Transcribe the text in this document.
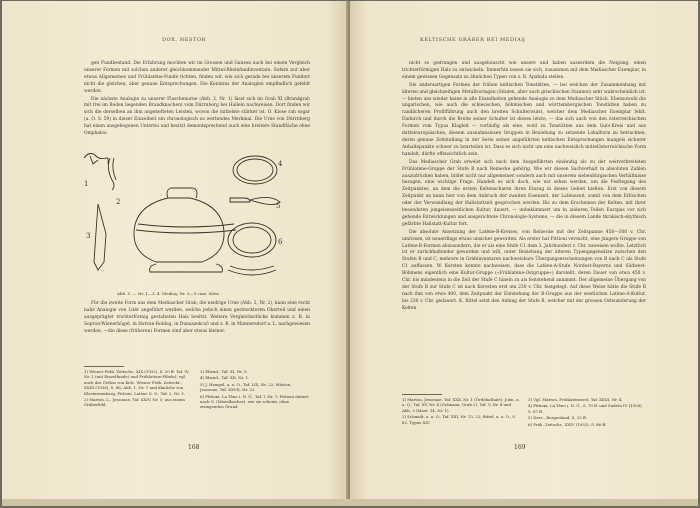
DOX. NESTOR

gen Fundbestand. Die Erfahrung mochten wir im Grossen und Ganzen auch bei einem Vergleich unserer Formen mit solchen anderer gleichkommender Mittel-Rheinfundinventare. Sofern nur aber etwas Allgemeines und Frühlatène-Funde richten, finden wir, wie sich gerade bei unserem Fundort nicht die gleichen, aber genaue Entsprechungen. Die Kenntnis der Analogien empfindlich gefehlt werden.

Die nächste Analogie zu unserer Flaschenurne (Abb. 2, Nr. 1) lässt sich im Grab XI (Brandgrab mit frei im Boden liegenden Brandknochen) vom Dürrnberg bei Hallein nachweisen. Dort finden wir sich die derselben an ihm angehefteten Leisten, wovon die mittelste stärker ist. O. Klose rah sogar (a. O. S. 59) in dieser Einzelheit ein chronologisch zu wertendes Merkmal. Die Urne von Dürrnberg hat einen ausgebogenen Untertei und besitzt dementsprechend auch eine breitere Standfläche ohne Omphalos.

1
2
3
4
5
6
Abb. 5. — Nr. 1—3, 4. Mediaş; Nr. 5—5 cum. Silex.

Für die zweite Form aus dem Mediascher Grab, die niedrige Urne (Abb. 2, Nr. 2), kann eine recht nahe Analogie von Litér angeführt werden, welche jedoch einen gestreckteren Oberteil und einen ausgeprägter trichterförmig gestalteten Hals besitzt. Weitere Vergleichsstücke kommen z. B. in Sopron-Wienerhügel, in Hatvan-Boldog, in Dunaszekcső und z. B. in Mannersdorf a. L. nachgewiesen werden, —die diese (früheren) Formen sind aber etwas kleiner.

1) Wiener Präh. Zeitschr., XIX (1932), S. 20 ff. Taf. IV, Nr. 1 (mit Einzelfunde) und Frühlatène-Fibeln); vgl. auch das Gefäss von Kelc. Wiener Präh. Zeitschr., XXIII (1936), S. 88, Abb. 1, Nr. 1 und ähnliche von Klosterneuburg, Pittioni, Latène S. O., Taf. 2, Nr. 5.
2) Marton, L., Jessonae, Taf. XXIV, Nr. 5; aus einem Gräberfeld.
3) Ebend., Taf. XI, Nr. 5.
4) Ebend., Taf. XII, Nr. 1.
5) J. Hampel, a. a. O., Taf. LIX, Nr. 22; Márton, Jessonae, Taf. XXVII, Nr. 22.
6) Pittioni, La Tène i. N. Ö., Taf. I, Nr. 7; Pittioni datiert nach G. (Mistelbacher). wie sie scheint, ohne zwingenden Grund.
168
KELTISCHE GRÄBER BEI MEDIAŞ

nicht so gedrungen und ausgebauscht wie unsere und haben ausserdem die Neigung, einen trichterförmigen Hals zu entwickeln. Immerhin lassen sie sich, zusammen mit dem Mediascher Exemplar, in einem gewissen Gegensatz zu ähnlichen Typen von z. B. Apahida stellen.

Die andersartigen Formen der frühen keltischen Tonstätten, — bei welchen der Zusammenhang mit älteren und gleichzeitigen Metallvorlagen (Situlen, aber auch griechischen Stamnoi) sehr wahrscheinlich ist, — bieten uns wieder keine in alle Einzelheiten gehende Analogie zu dem Mediascher Stück. Ebensowohl die ungarischen, wie auch die schlesischen, böhmischen und württembergischen Tonstätten haben zu randlicheren Profilführung auch den breiten Schulterwulst, welcher dem Mediascher Exemplar fehlt. Dadurch und durch die Breite seiner Schulter ist dieses letzte, — das sich auch von den österreichischen Formen vom Typus Klagleit — vorläufig als eine, wohl zu Tonstätten aus dem Guts-Kreis und aus mitteleuropäischen, diesem ausnahmslosen Gruppen in Beziehung zu setzende Lokalform zu betrachten, deren genaue Zeitstellung in der Serie seiner angeführten keltischen Entsprechungen mangels sicherer Anhaltspunkte schwer zu beurteilen ist. Dass es sich nicht um eine nachweislich mittelösterreichische Form handelt, dürfte offensichtlich sein.

Das Mediascher Grab erweist sich nach dem Ausgeführten eindeutig als zu der weitverbreiteten Frühlatène-Gruppe der Stufe B nach Reinecke gehörig. Wie wir diesen Sachverhalt in absoluten Zahlen auszudrücken haben, bildet nicht nur allgemeiner, sondern auch mit unserem siebenbürgischen Verhältnisse bezogen, eine wichtige Frage. Handelt es sich doch, wie wir sehen werden, um die Festlegung des Zeitpunktes, an dem die ersten Keltenscharen ihren Einzug in dieses Gebiet hielten. Erst von diesem Zeitpunkt an kann hier von dem Anbruch der zweiten Eisenzeit, der Latènezeit, somit von dem Erlöschen oder der Verwandlung der Hallstattzeit gesprochen werden. Bis zu dem Erscheinen der Kelten, mit ihrer besonderen jungeisenzeitlichen Kultur, dauert, — unbekümmert um in anderen Teilen Europas vor sich gehende Entwicklungen und ausgerichtete Chronologie-Systeme, — die in diesem Lande thrakisch-skythisch gefärbte Hallstatt-Kultur fort.

Die absolute Ansetzung der Latène-B-Kreises, von Reinecke mit der Zeitspanne 450—300 v. Chr. umrissen, ist neuerdings etwas unsicher geworden. Als erster hat Pittioni versucht, eine jüngere Gruppe von Latène-B-Formen abzusondern, die er als eine Stufe C1 dem 3. Jahrhundert v. Chr. zuweisen wollte. Letztlich ist er zurückhaltender geworden und will, unter Beziehung der älteren Typengegensätze zwischen den Stufen B und C, mehrere in Grabinventaren nachweisbare Übergangserscheinungen von B nach C als Stufe C1 auffassen. W. Kersten konnte nachweisen, dass die Latène-A-Stufe Nordost-Bayerns und Südwest-Böhmens eigentlich eine Kultur-Gruppe (»Frühlatène-Ostgruppe«) darstellt, deren Dauer von etwa 450 v. Chr. bis mindestens in die Zeit der Stufe C hinein zu als feststehend annimmt. Der allgemeine Übergang von der Stufe B zur Stufe C ist nach Keresten erst um 230 v. Chr. festgelegt. Auf diese Weise hätte die Stufe B nach ihm von etwa 400, dem Zeitpunkt der Entstehung der B-Gruppe aus der westlichen Latène-A-Kultur, bis 230 v. Chr. gedauert. K. Bittel setzt den Anfang der Stufe B, welcher mit der grossen Ostwanderung der Kelten

1) Marton, Jessonae, Taf. XXX, Nr. 1 (Ördöballsárt); John, a. a. O., Taf. XV, Nr. 4 (Gohnaun, Grab 2), Taf. V, Nr. 4 und Abb. 3 (Mast. 14, Nr. 1).
2) Schmidt, a. a. O., Taf. XIII, Nr. 13, 22; Bittel, a. a. O., S. 82, Typus XIV.
3) Vgl. Márton, Frühlatènezeit, Taf. XXIII, Nr. 4.
4) Pittioni, La Tène i. N. Ö., S. 70 ff. und Sudeta IV (1928), S. 87 ff.
5) Ders., Burgenland, S. 23 ff.
6) Präh. Zeitschr., XXIV (1933), S. 86 ff.
169
